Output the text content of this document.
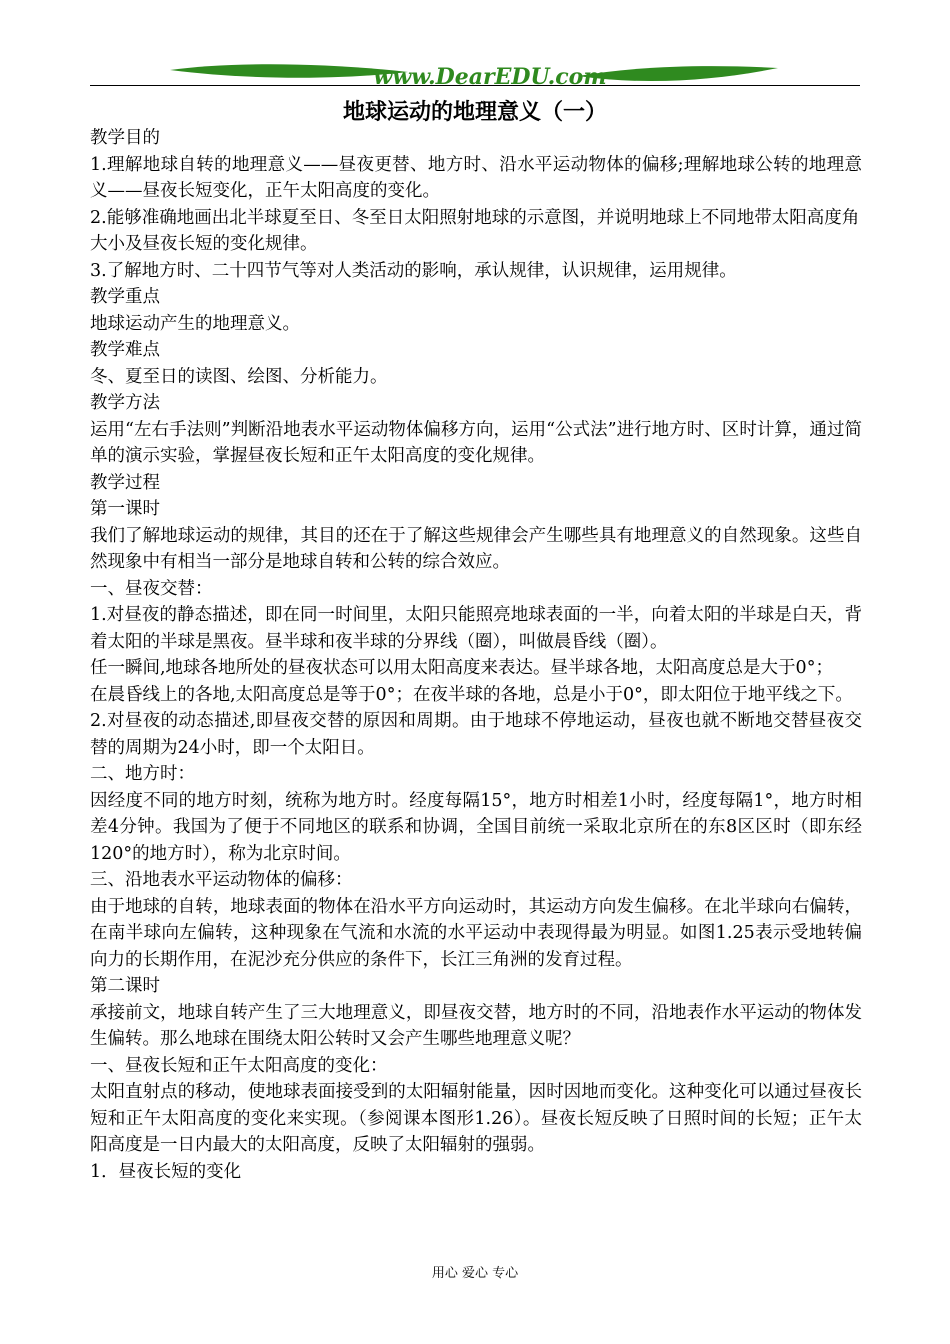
www.DearEDU.com
地球运动的地理意义（一）

教学目的

1.理解地球自转的地理意义——昼夜更替、地方时、沿水平运动物体的偏移;理解地球公转的地理意义——昼夜长短变化，正午太阳高度的变化。

2.能够准确地画出北半球夏至日、冬至日太阳照射地球的示意图，并说明地球上不同地带太阳高度角

大小及昼夜长短的变化规律。

3.了解地方时、二十四节气等对人类活动的影响，承认规律，认识规律，运用规律。

教学重点

地球运动产生的地理意义。

教学难点

冬、夏至日的读图、绘图、分析能力。

教学方法

运用“左右手法则”判断沿地表水平运动物体偏移方向，运用“公式法”进行地方时、区时计算，通过简单的演示实验，掌握昼夜长短和正午太阳高度的变化规律。

教学过程

第一课时

我们了解地球运动的规律，其目的还在于了解这些规律会产生哪些具有地理意义的自然现象。这些自然现象中有相当一部分是地球自转和公转的综合效应。

一、昼夜交替：

1.对昼夜的静态描述，即在同一时间里，太阳只能照亮地球表面的一半，向着太阳的半球是白天，背着太阳的半球是黑夜。昼半球和夜半球的分界线（圈），叫做晨昏线（圈）。

任一瞬间,地球各地所处的昼夜状态可以用太阳高度来表达。昼半球各地，太阳高度总是大于0°；

在晨昏线上的各地,太阳高度总是等于0°；在夜半球的各地，总是小于0°，即太阳位于地平线之下。

2.对昼夜的动态描述,即昼夜交替的原因和周期。由于地球不停地运动，昼夜也就不断地交替昼夜交替的周期为24小时，即一个太阳日。

二、地方时：

因经度不同的地方时刻，统称为地方时。经度每隔15°，地方时相差1小时，经度每隔1°，地方时相差4分钟。我国为了便于不同地区的联系和协调，全国目前统一采取北京所在的东8区区时（即东经120°的地方时），称为北京时间。

三、沿地表水平运动物体的偏移：

由于地球的自转，地球表面的物体在沿水平方向运动时，其运动方向发生偏移。在北半球向右偏转，在南半球向左偏转，这种现象在气流和水流的水平运动中表现得最为明显。如图1.25表示受地转偏向力的长期作用，在泥沙充分供应的条件下，长江三角洲的发育过程。

第二课时

承接前文，地球自转产生了三大地理意义，即昼夜交替，地方时的不同，沿地表作水平运动的物体发生偏转。那么地球在围绕太阳公转时又会产生哪些地理意义呢？

一、昼夜长短和正午太阳高度的变化：

太阳直射点的移动，使地球表面接受到的太阳辐射能量，因时因地而变化。这种变化可以通过昼夜长短和正午太阳高度的变化来实现。（参阅课本图形1.26）。昼夜长短反映了日照时间的长短；正午太阳高度是一日内最大的太阳高度，反映了太阳辐射的强弱。

1．昼夜长短的变化

用心 爱心 专心
